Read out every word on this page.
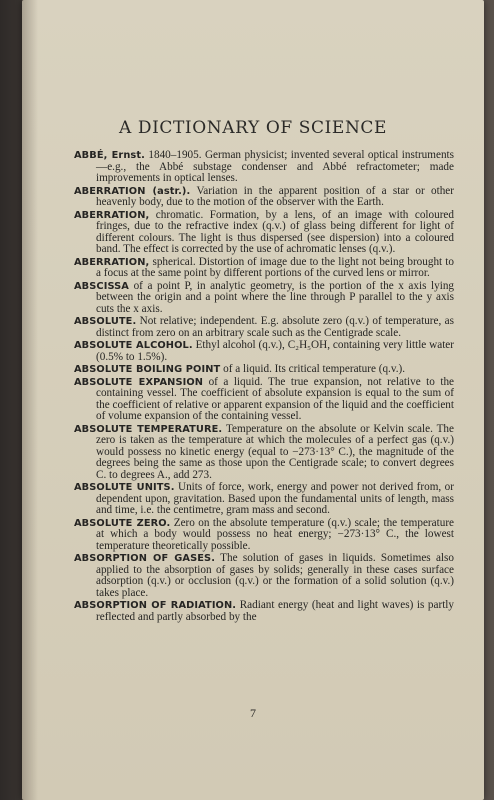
A DICTIONARY OF SCIENCE

ABBÉ, Ernst. 1840–1905. German physicist; invented several optical instruments—e.g., the Abbé substage condenser and Abbé refractometer; made improvements in optical lenses.

ABERRATION (astr.). Variation in the apparent position of a star or other heavenly body, due to the motion of the observer with the Earth.

ABERRATION, chromatic. Formation, by a lens, of an image with coloured fringes, due to the refractive index (q.v.) of glass being different for light of different colours. The light is thus dispersed (see dispersion) into a coloured band. The effect is corrected by the use of achromatic lenses (q.v.).

ABERRATION, spherical. Distortion of image due to the light not being brought to a focus at the same point by different portions of the curved lens or mirror.

ABSCISSA of a point P, in analytic geometry, is the portion of the x axis lying between the origin and a point where the line through P parallel to the y axis cuts the x axis.

ABSOLUTE. Not relative; independent. E.g. absolute zero (q.v.) of temperature, as distinct from zero on an arbitrary scale such as the Centigrade scale.

ABSOLUTE ALCOHOL. Ethyl alcohol (q.v.), C₂H₅OH, containing very little water (0.5% to 1.5%).

ABSOLUTE BOILING POINT of a liquid. Its critical temperature (q.v.).

ABSOLUTE EXPANSION of a liquid. The true expansion, not relative to the containing vessel. The coefficient of absolute expansion is equal to the sum of the coefficient of relative or apparent expansion of the liquid and the coefficient of volume expansion of the containing vessel.

ABSOLUTE TEMPERATURE. Temperature on the absolute or Kelvin scale. The zero is taken as the temperature at which the molecules of a perfect gas (q.v.) would possess no kinetic energy (equal to −273·13° C.), the magnitude of the degrees being the same as those upon the Centigrade scale; to convert degrees C. to degrees A., add 273.

ABSOLUTE UNITS. Units of force, work, energy and power not derived from, or dependent upon, gravitation. Based upon the fundamental units of length, mass and time, i.e. the centimetre, gram mass and second.

ABSOLUTE ZERO. Zero on the absolute temperature (q.v.) scale; the temperature at which a body would possess no heat energy; −273·13° C., the lowest temperature theoretically possible.

ABSORPTION OF GASES. The solution of gases in liquids. Sometimes also applied to the absorption of gases by solids; generally in these cases surface adsorption (q.v.) or occlusion (q.v.) or the formation of a solid solution (q.v.) takes place.

ABSORPTION OF RADIATION. Radiant energy (heat and light waves) is partly reflected and partly absorbed by the

7
